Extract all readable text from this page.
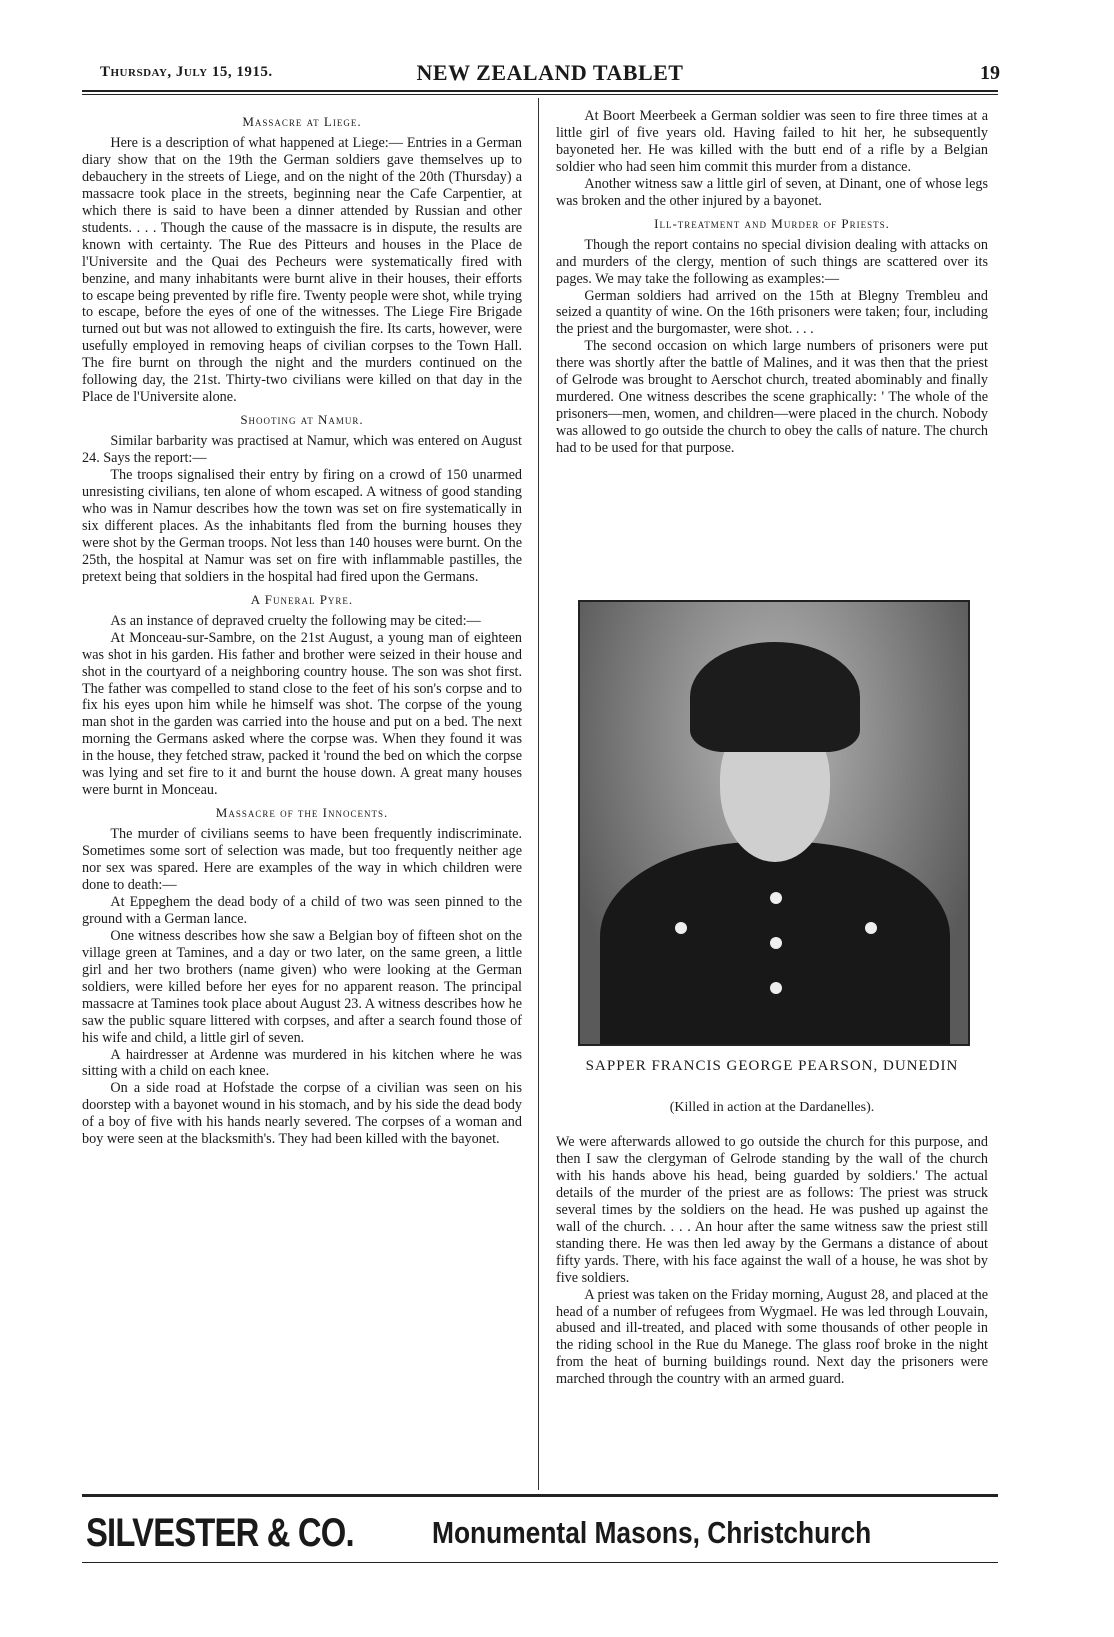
Thursday, July 15, 1915.	NEW ZEALAND TABLET	19
Massacre at Liege.

Here is a description of what happened at Liege:— Entries in a German diary show that on the 19th the German soldiers gave themselves up to debauchery in the streets of Liege, and on the night of the 20th (Thursday) a massacre took place in the streets, beginning near the Cafe Carpentier, at which there is said to have been a dinner attended by Russian and other students. . . . Though the cause of the massacre is in dispute, the results are known with certainty. The Rue des Pitteurs and houses in the Place de l'Universite and the Quai des Pecheurs were systematically fired with benzine, and many inhabitants were burnt alive in their houses, their efforts to escape being prevented by rifle fire. Twenty people were shot, while trying to escape, before the eyes of one of the witnesses. The Liege Fire Brigade turned out but was not allowed to extinguish the fire. Its carts, however, were usefully employed in removing heaps of civilian corpses to the Town Hall. The fire burnt on through the night and the murders continued on the following day, the 21st. Thirty-two civilians were killed on that day in the Place de l'Universite alone.

Shooting at Namur.

Similar barbarity was practised at Namur, which was entered on August 24. Says the report:—

The troops signalised their entry by firing on a crowd of 150 unarmed unresisting civilians, ten alone of whom escaped. A witness of good standing who was in Namur describes how the town was set on fire systematically in six different places. As the inhabitants fled from the burning houses they were shot by the German troops. Not less than 140 houses were burnt. On the 25th, the hospital at Namur was set on fire with inflammable pastilles, the pretext being that soldiers in the hospital had fired upon the Germans.

A Funeral Pyre.

As an instance of depraved cruelty the following may be cited:—

At Monceau-sur-Sambre, on the 21st August, a young man of eighteen was shot in his garden. His father and brother were seized in their house and shot in the courtyard of a neighboring country house. The son was shot first. The father was compelled to stand close to the feet of his son's corpse and to fix his eyes upon him while he himself was shot. The corpse of the young man shot in the garden was carried into the house and put on a bed. The next morning the Germans asked where the corpse was. When they found it was in the house, they fetched straw, packed it 'round the bed on which the corpse was lying and set fire to it and burnt the house down. A great many houses were burnt in Monceau.

Massacre of the Innocents.

The murder of civilians seems to have been frequently indiscriminate. Sometimes some sort of selection was made, but too frequently neither age nor sex was spared. Here are examples of the way in which children were done to death:—

At Eppeghem the dead body of a child of two was seen pinned to the ground with a German lance.

One witness describes how she saw a Belgian boy of fifteen shot on the village green at Tamines, and a day or two later, on the same green, a little girl and her two brothers (name given) who were looking at the German soldiers, were killed before her eyes for no apparent reason. The principal massacre at Tamines took place about August 23. A witness describes how he saw the public square littered with corpses, and after a search found those of his wife and child, a little girl of seven.

A hairdresser at Ardenne was murdered in his kitchen where he was sitting with a child on each knee.

On a side road at Hofstade the corpse of a civilian was seen on his doorstep with a bayonet wound in his stomach, and by his side the dead body of a boy of five with his hands nearly severed. The corpses of a woman and boy were seen at the blacksmith's. They had been killed with the bayonet.

At Boort Meerbeek a German soldier was seen to fire three times at a little girl of five years old. Having failed to hit her, he subsequently bayoneted her. He was killed with the butt end of a rifle by a Belgian soldier who had seen him commit this murder from a distance.

Another witness saw a little girl of seven, at Dinant, one of whose legs was broken and the other injured by a bayonet.

Ill-treatment and Murder of Priests.

Though the report contains no special division dealing with attacks on and murders of the clergy, mention of such things are scattered over its pages. We may take the following as examples:—

German soldiers had arrived on the 15th at Blegny Trembleu and seized a quantity of wine. On the 16th prisoners were taken; four, including the priest and the burgomaster, were shot. . . .

The second occasion on which large numbers of prisoners were put there was shortly after the battle of Malines, and it was then that the priest of Gelrode was brought to Aerschot church, treated abominably and finally murdered. One witness describes the scene graphically: ' The whole of the prisoners—men, women, and children—were placed in the church. Nobody was allowed to go outside the church to obey the calls of nature. The church had to be used for that purpose.

SAPPER FRANCIS GEORGE PEARSON, DUNEDIN
(Killed in action at the Dardanelles).

We were afterwards allowed to go outside the church for this purpose, and then I saw the clergyman of Gelrode standing by the wall of the church with his hands above his head, being guarded by soldiers.' The actual details of the murder of the priest are as follows: The priest was struck several times by the soldiers on the head. He was pushed up against the wall of the church. . . . An hour after the same witness saw the priest still standing there. He was then led away by the Germans a distance of about fifty yards. There, with his face against the wall of a house, he was shot by five soldiers.

A priest was taken on the Friday morning, August 28, and placed at the head of a number of refugees from Wygmael. He was led through Louvain, abused and ill-treated, and placed with some thousands of other people in the riding school in the Rue du Manege. The glass roof broke in the night from the heat of burning buildings round. Next day the prisoners were marched through the country with an armed guard.

SILVESTER & CO.	Monumental Masons, Christchurch
